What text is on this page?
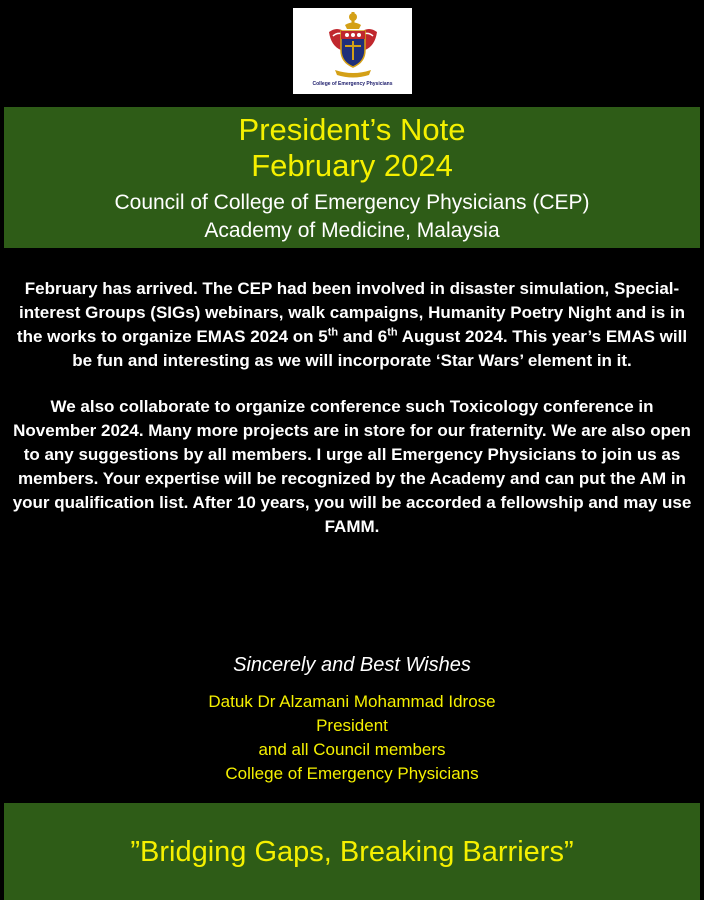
College of Emergency Physicians
President’s Note
February 2024
Council of College of Emergency Physicians (CEP)
Academy of Medicine, Malaysia

February has arrived. The CEP had been involved in disaster simulation, Special-interest Groups (SIGs) webinars, walk campaigns, Humanity Poetry Night and is in the works to organize EMAS 2024 on 5th and 6th August 2024. This year’s EMAS will be fun and interesting as we will incorporate ‘Star Wars’ element in it.

We also collaborate to organize conference such Toxicology conference in November 2024. Many more projects are in store for our fraternity. We are also open to any suggestions by all members. I urge all Emergency Physicians to join us as members. Your expertise will be recognized by the Academy and can put the AM in your qualification list. After 10 years, you will be accorded a fellowship and may use FAMM.

Sincerely and Best Wishes
Datuk Dr Alzamani Mohammad Idrose
President
and all Council members
College of Emergency Physicians
”Bridging Gaps, Breaking Barriers”
